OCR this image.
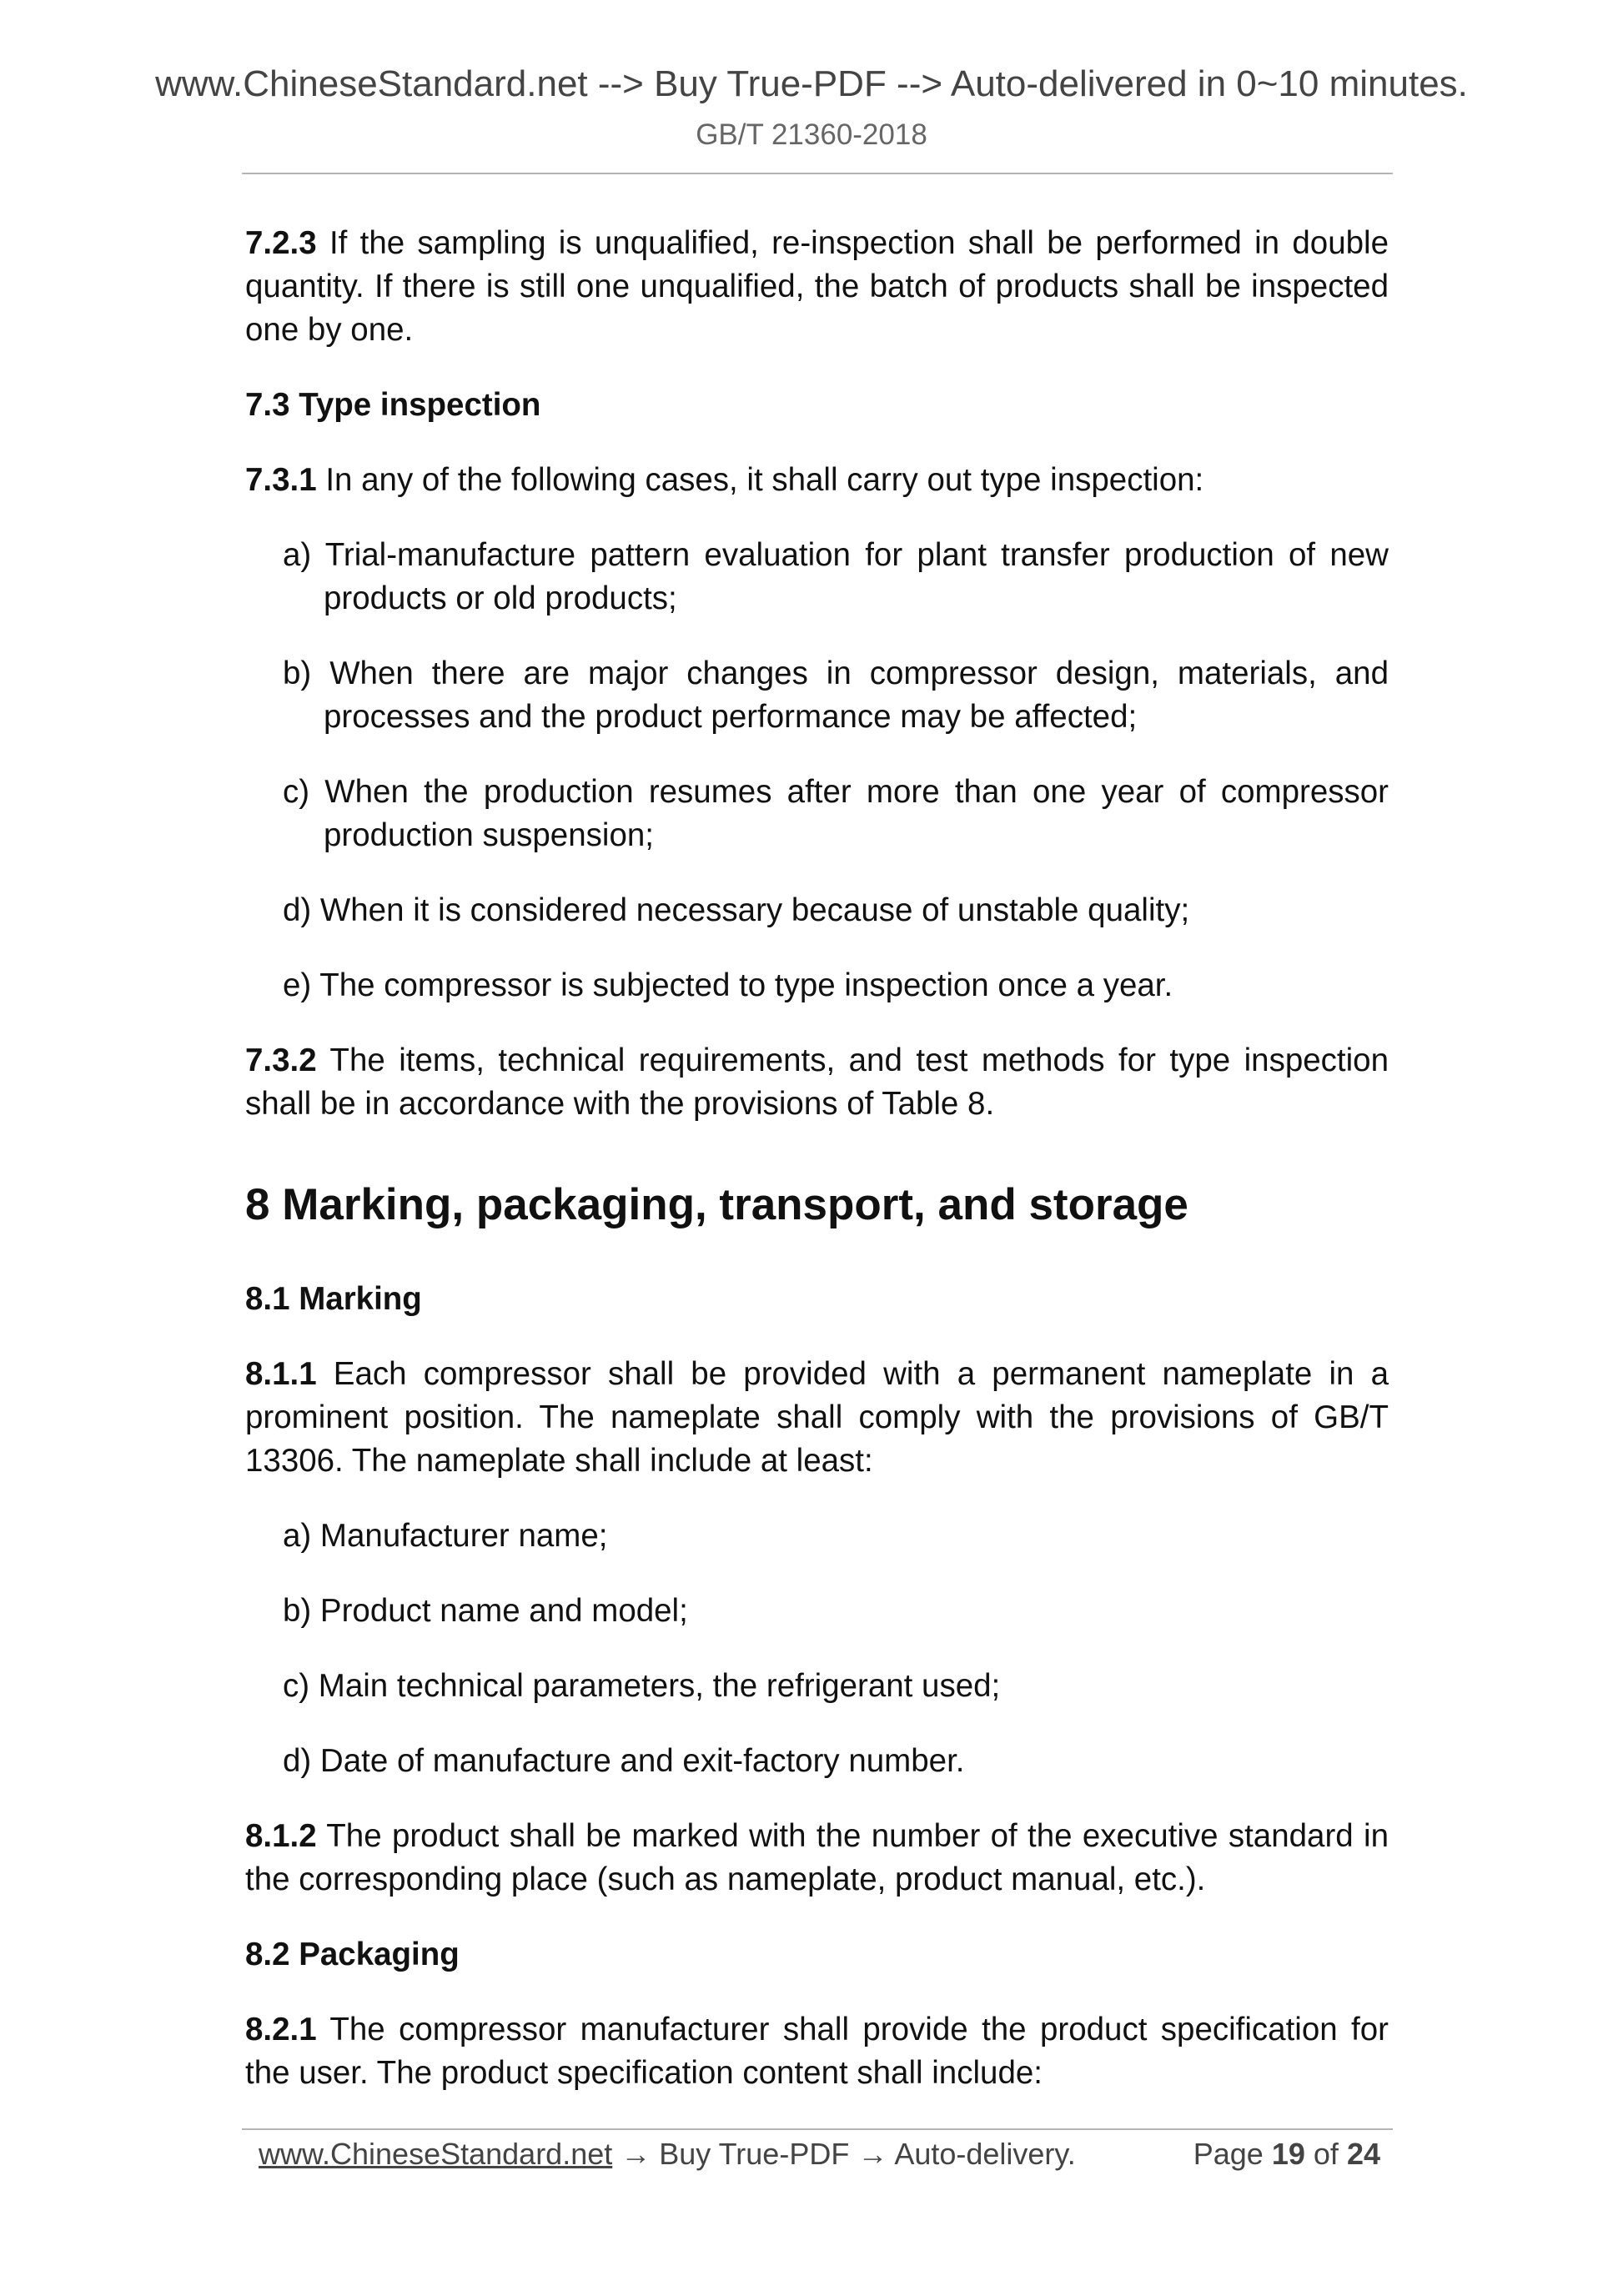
www.ChineseStandard.net --> Buy True-PDF --> Auto-delivered in 0~10 minutes.
GB/T 21360-2018

7.2.3 If the sampling is unqualified, re-inspection shall be performed in double quantity. If there is still one unqualified, the batch of products shall be inspected one by one.

7.3 Type inspection

7.3.1 In any of the following cases, it shall carry out type inspection:

a) Trial-manufacture pattern evaluation for plant transfer production of new products or old products;
b) When there are major changes in compressor design, materials, and processes and the product performance may be affected;
c) When the production resumes after more than one year of compressor production suspension;
d) When it is considered necessary because of unstable quality;
e) The compressor is subjected to type inspection once a year.

7.3.2 The items, technical requirements, and test methods for type inspection shall be in accordance with the provisions of Table 8.

8 Marking, packaging, transport, and storage
8.1 Marking

8.1.1 Each compressor shall be provided with a permanent nameplate in a prominent position. The nameplate shall comply with the provisions of GB/T 13306. The nameplate shall include at least:

a) Manufacturer name;
b) Product name and model;
c) Main technical parameters, the refrigerant used;
d) Date of manufacture and exit-factory number.

8.1.2 The product shall be marked with the number of the executive standard in the corresponding place (such as nameplate, product manual, etc.).

8.2 Packaging

8.2.1 The compressor manufacturer shall provide the product specification for the user. The product specification content shall include:

www.ChineseStandard.net → Buy True-PDF → Auto-delivery.	Page 19 of 24
